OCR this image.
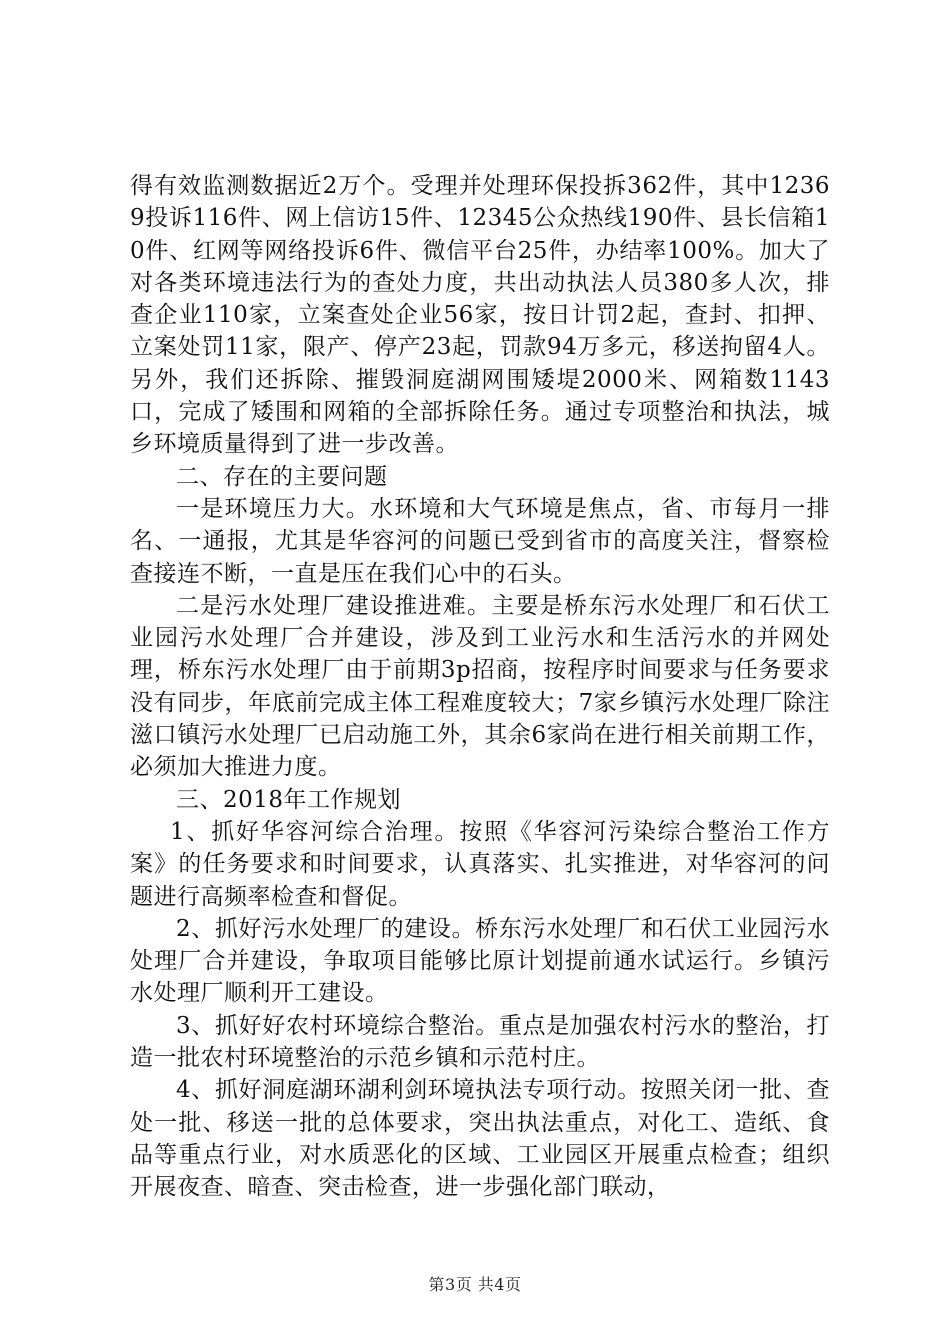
得有效监测数据近2万个。受理并处理环保投拆362件，其中12369投诉116件、网上信访15件、12345公众热线190件、县长信箱10件、红网等网络投诉6件、微信平台25件，办结率100%。加大了对各类环境违法行为的查处力度，共出动执法人员380多人次，排查企业110家，立案查处企业56家，按日计罚2起，查封、扣押、立案处罚11家，限产、停产23起，罚款94万多元，移送拘留4人。另外，我们还拆除、摧毁洞庭湖网围矮堤2000米、网箱数1143口，完成了矮围和网箱的全部拆除任务。通过专项整治和执法，城乡环境质量得到了进一步改善。

二、存在的主要问题

一是环境压力大。水环境和大气环境是焦点，省、市每月一排名、一通报，尤其是华容河的问题已受到省市的高度关注，督察检查接连不断，一直是压在我们心中的石头。

二是污水处理厂建设推进难。主要是桥东污水处理厂和石伏工业园污水处理厂合并建设，涉及到工业污水和生活污水的并网处理，桥东污水处理厂由于前期3p招商，按程序时间要求与任务要求没有同步，年底前完成主体工程难度较大；7家乡镇污水处理厂除注滋口镇污水处理厂已启动施工外，其余6家尚在进行相关前期工作，必须加大推进力度。

三、2018年工作规划

1、抓好华容河综合治理。按照《华容河污染综合整治工作方案》的任务要求和时间要求，认真落实、扎实推进，对华容河的问题进行高频率检查和督促。

2、抓好污水处理厂的建设。桥东污水处理厂和石伏工业园污水处理厂合并建设，争取项目能够比原计划提前通水试运行。乡镇污水处理厂顺利开工建设。

3、抓好好农村环境综合整治。重点是加强农村污水的整治，打造一批农村环境整治的示范乡镇和示范村庄。

4、抓好洞庭湖环湖利剑环境执法专项行动。按照关闭一批、查处一批、移送一批的总体要求，突出执法重点，对化工、造纸、食品等重点行业，对水质恶化的区域、工业园区开展重点检查；组织开展夜查、暗查、突击检查，进一步强化部门联动，

第3页 共4页
